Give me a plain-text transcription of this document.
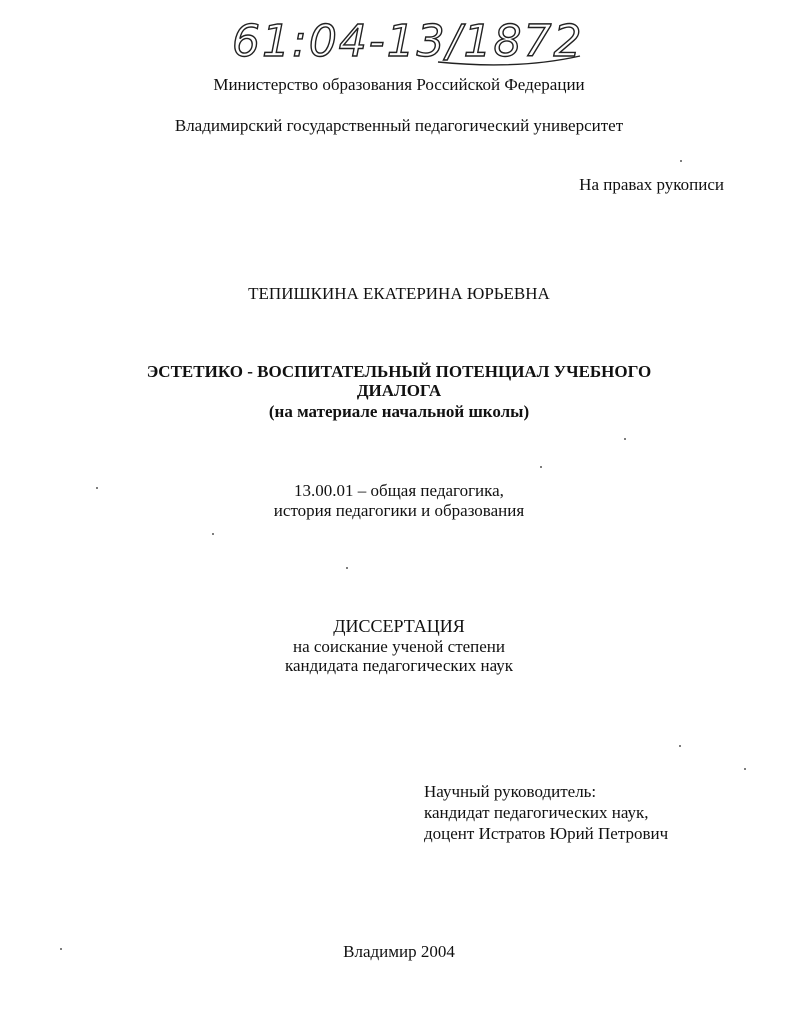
61:04-13/1872
Министерство образования Российской Федерации
Владимирский государственный педагогический университет
На правах рукописи
ТЕПИШКИНА ЕКАТЕРИНА ЮРЬЕВНА
ЭСТЕТИКО - ВОСПИТАТЕЛЬНЫЙ ПОТЕНЦИАЛ УЧЕБНОГО
ДИАЛОГА
(на материале начальной школы)
13.00.01 – общая педагогика,
история педагогики и образования
ДИССЕРТАЦИЯ
на соискание ученой степени
кандидата педагогических наук
Научный руководитель:
кандидат педагогических наук,
доцент Истратов Юрий Петрович
Владимир 2004
